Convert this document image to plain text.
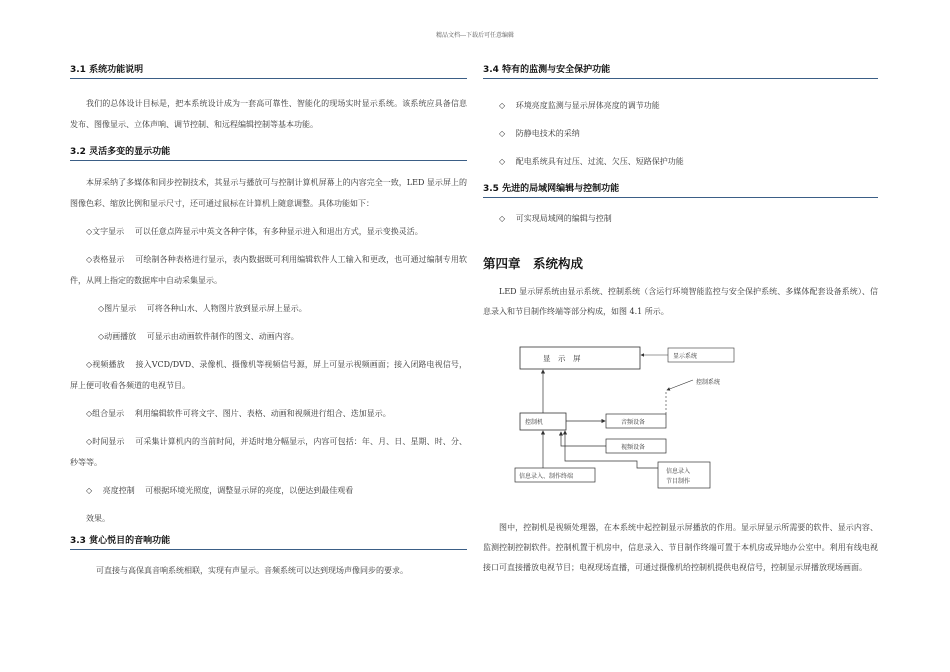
精品文档---下载后可任意编辑
3.1 系统功能说明
我们的总体设计目标是，把本系统设计成为一套高可靠性、智能化的现场实时显示系统。该系统应具备信息发布、图像显示、立体声响、调节控制、和远程编辑控制等基本功能。
3.2 灵活多变的显示功能
本屏采纳了多媒体和同步控制技术，其显示与播放可与控制计算机屏幕上的内容完全一致，LED 显示屏上的图像色彩、缩放比例和显示尺寸，还可通过鼠标在计算机上随意调整。具体功能如下：
◇文字显示　 可以任意点阵显示中英文各种字体，有多种显示进入和退出方式，显示变换灵活。
◇表格显示　 可绘制各种表格进行显示，表内数据既可利用编辑软件人工输入和更改，也可通过编制专用软件，从网上指定的数据库中自动采集显示。
◇图片显示　 可将各种山水、人物图片放到显示屏上显示。
◇动画播放　 可显示由动画软件制作的图文、动画内容。
◇视频播放　 接入VCD/DVD、录像机、摄像机等视频信号源，屏上可显示视频画面；接入闭路电视信号，屏上便可收看各频道的电视节目。
◇组合显示　 利用编辑软件可将文字、图片、表格、动画和视频进行组合、迭加显示。
◇时间显示　 可采集计算机内的当前时间，并适时地分幅显示，内容可包括：年、月、日、星期、时、分、秒等等。
◇　 亮度控制　 可根据环境光照度，调整显示屏的亮度，以便达到最佳观看
效果。
3.3 赏心悦目的音响功能
可直接与高保真音响系统相联，实现有声显示。音频系统可以达到现场声像同步的要求。
3.4 特有的监测与安全保护功能
◇　 环境亮度监测与显示屏体亮度的调节功能
◇　 防静电技术的采纳
◇　 配电系统具有过压、过流、欠压、短路保护功能
3.5 先进的局域网编辑与控制功能
◇　 可实现局域网的编辑与控制
第四章　系统构成
LED 显示屏系统由显示系统、控制系统（含运行环境智能监控与安全保护系统、多媒体配套设备系统）、信息录入和节目制作终端等部分构成，如图 4.1 所示。
显　示　屏	显示系统
控制系统
控制机	音频设备
视频设备
信息录入、制作终端
信息录入
节目制作
图中，控制机是视频处理器，在本系统中起控制显示屏播放的作用。显示屏显示所需要的软件、显示内容、监测控制控制软件。控制机置于机房中，信息录入、节目制作终端可置于本机房或异地办公室中。利用有线电视接口可直接播放电视节目；电视现场直播，可通过摄像机给控制机提供电视信号，控制显示屏播放现场画面。
